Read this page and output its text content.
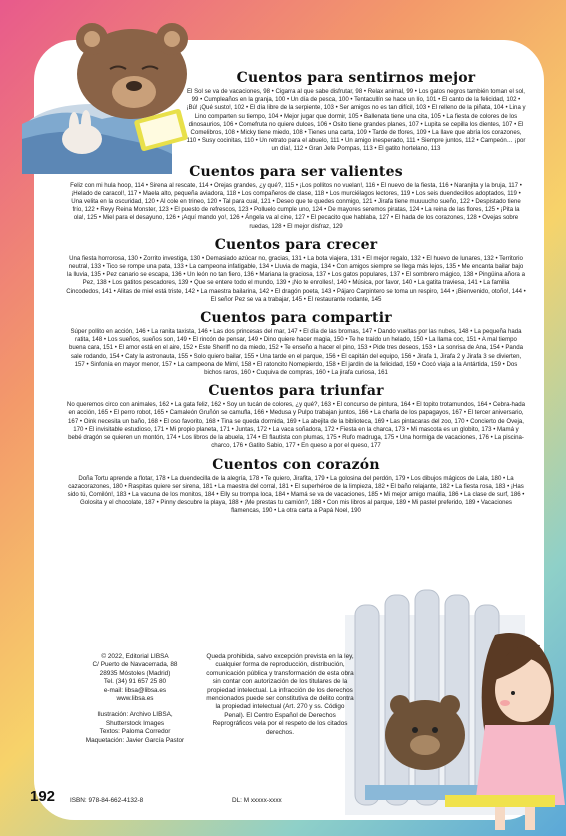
Cuentos para sentirnos mejor

El Sol se va de vacaciones, 98 • Cigarra al que sabe disfrutar, 98 • Relax animal, 99 • Los gatos negros también toman el sol, 99 • Cumpleaños en la granja, 100 • Un día de pesca, 100 • Tentacullín se hace un lío, 101 • El canto de la felicidad, 102 • ¡Bú! ¡Qué susto!, 102 • El día libre de la serpiente, 103 • Ser amigos no es tan difícil, 103 • El relleno de la piñata, 104 • Lina y Lino comparten su tiempo, 104 • Mejor jugar que dormir, 105 • Ballenata tiene una cita, 105 • La fiesta de colores de los dinosaurios, 106 • Comefruta no quiere dulces, 106 • Osito tiene grandes planes, 107 • Lupita se cepilla los dientes, 107 • El Comelibros, 108 • Micky tiene miedo, 108 • Tienes una carta, 109 • Tarde de tfores, 109 • La llave que abría los corazones, 110 • Susy cocinitas, 110 • Un retrato para el abuelo, 111 • Un amigo inesperado, 111 • Siempre juntos, 112 • Campeón… ¡por un día!, 112 • Gran Jefe Pompas, 113 • El gatito hortelano, 113

Cuentos para ser valientes

Feliz con mi hula hoop, 114 • Sirena al rescate, 114 • Orejas grandes, ¿y qué?, 115 • ¡Los pollitos no vuelan!, 116 • El nuevo de la fiesta, 116 • Naranjita y la bruja, 117 • ¡Helado de caracol!, 117 • Maela alto, pequeña aviadora, 118 • Los compañeros de clase, 118 • Los murciélagos lectores, 119 • Los seis duendecillos adoptados, 119 • Una velita en la oscuridad, 120 • Al cole en trineo, 120 • Tal para cual, 121 • Deseo que te quedes conmigo, 121 • Jirafa tiene muuuucho sueño, 122 • Despistado tiene frío, 122 • Reyy Reina Monster, 123 • El puesto de refrescos, 123 • Polluelo cumple uno, 124 • De mayores seremos piratas, 124 • La reina de las flores, 125 • ¡Pita la ola!, 125 • Miel para el desayuno, 126 • ¡Aquí mando yo!, 126 • Ángela va al cine, 127 • El pecacito que hablaba, 127 • El hada de los corazones, 128 • Ovejas sobre ruedas, 128 • El mejor disfraz, 129

Cuentos para crecer

Una fiesta horrorosa, 130 • Zorrito investiga, 130 • Demasiado azúcar no, gracias, 131 • La bota viajera, 131 • El mejor regalo, 132 • El huevo de lunares, 132 • Territorio neutral, 133 • Tico se rompe una pata, 133 • La campeona infatigable, 134 • Lluvia de magia, 134 • Con amigos siempre se llega más lejos, 135 • Me encanta bailar bajo la lluvia, 135 • Pez canario se escapa, 136 • Un león no tan fiero, 136 • Mariana la graciosa, 137 • Los gatos populares, 137 • El sombrero mágico, 138 • Pingüina añora a Pez, 138 • Los gatitos pescadores, 139 • Que se entere todo el mundo, 139 • ¡No te enrolles!, 140 • Música, por favor, 140 • La gatita traviesa, 141 • La familia Cincodedos, 141 • Alitas de miel está triste, 142 • La maestra bailarina, 142 • El dragón poeta, 143 • Pájaro Carpintero se toma un respiro, 144 • ¡Bienvenido, otoño!, 144 • El señor Pez se va a trabajar, 145 • El restaurante rodante, 145

Cuentos para compartir

Súper pollito en acción, 146 • La ranita taxista, 146 • Las dos princesas del mar, 147 • El día de las bromas, 147 • Dando vueltas por las nubes, 148 • La pequeña hada ratita, 148 • Los sueños, sueños son, 149 • El rincón de pensar, 149 • Dino quiere hacer magia, 150 • Te he traído un helado, 150 • La llama coc, 151 • A mal tiempo buena cara, 151 • El amor está en el aire, 152 • Este Sheriff no da miedo, 152 • Te enseño a hacer el pino, 153 • Pide tres deseos, 153 • La sonrisa de Ana, 154 • Panda sale rodando, 154 • Caty la astronauta, 155 • Solo quiero bailar, 155 • Una tarde en el parque, 156 • El capitán del equipo, 156 • Jirafa 1, Jirafa 2 y Jirafa 3 se divierten, 157 • Sinfonía en mayor menor, 157 • La campeona de Mimí, 158 • El ratoncito Nomepierdo, 158 • El jardín de la felicidad, 159 • Cocó viaja a la Antártida, 159 • Dos bichos raros, 160 • Cuquiva de compras, 160 • La jirafa curiosa, 161

Cuentos para triunfar

No queremos circo con animales, 162 • La gata feliz, 162 • Soy un tucán de colores, ¿y qué?, 163 • El concurso de pintura, 164 • El topito trotamundos, 164 • Cebra-hada en acción, 165 • El perro robot, 165 • Camaleón Gruñón se camufla, 166 • Medusa y Pulpo trabajan juntos, 166 • La charla de los papagayos, 167 • El tercer aniversario, 167 • Oink necesita un baño, 168 • El oso favorito, 168 • Tina se queda dormida, 169 • La abejita de la biblioteca, 169 • Las pintacaras del zoo, 170 • Concierto de Oveja, 170 • El invisitable estudioso, 171 • Mi propio planeta, 171 • Juntas, 172 • La vaca soñadora, 172 • Fiesta en la charca, 173 • Mi mascota es un globito, 173 • Mamá y bebé dragón se quieren un montón, 174 • Los libros de la abuela, 174 • El flautista con plumas, 175 • Rufo madruga, 175 • Una hormiga de vacaciones, 176 • La piscina-charco, 176 • Gatito Sabio, 177 • En queso a por el queso, 177

Cuentos con corazón

Doña Tortu aprende a flotar, 178 • La duendecilla de la alegría, 178 • Te quiero, Jirafita, 179 • La golosina del perdón, 179 • Los dibujos mágicos de Lala, 180 • La cazacorazones, 180 • Raspitas quiere ser sirena, 181 • La maestra del corral, 181 • El superhéroe de la limpieza, 182 • El baño relajante, 182 • La fiesta rosa, 183 • ¡Has sido tú, Comilón!, 183 • La vacuna de los monitos, 184 • Elly su trompa loca, 184 • Mamá se va de vacaciones, 185 • Mi mejor amigo maúlla, 186 • La clase de surf, 186 • Golosita y el chocolate, 187 • Pinny descubre la playa, 188 • ¡Me prestas tu camión?, 188 • Con mis libros al parque, 189 • Mi pastel preferido, 189 • Vacaciones flamencas, 190 • La otra carta a Papá Noel, 190

© 2022, Editorial LIBSA
C/ Puerto de Navacerrada, 88
28935 Móstoles (Madrid)
Tel. (34) 91 657 25 80
e-mail: libsa@libsa.es
www.libsa.es
Ilustración: Archivo LIBSA,
Shutterstock Images
Textos: Paloma Corredor
Maquetación: Javier García Pastor
Queda prohibida, salvo excepción prevista en la ley, cualquier forma de reproducción, distribución, comunicación pública y transformación de esta obra sin contar con autorización de los titulares de la propiedad intelectual. La infracción de los derechos mencionados puede ser constitutiva de delito contra la propiedad intelectual (Art. 270 y ss. Código Penal). El Centro Español de Derechos Reprográficos vela por el respeto de los citados derechos.
ISBN: 978-84-662-4132-8	DL: M xxxxx-xxxx
192
